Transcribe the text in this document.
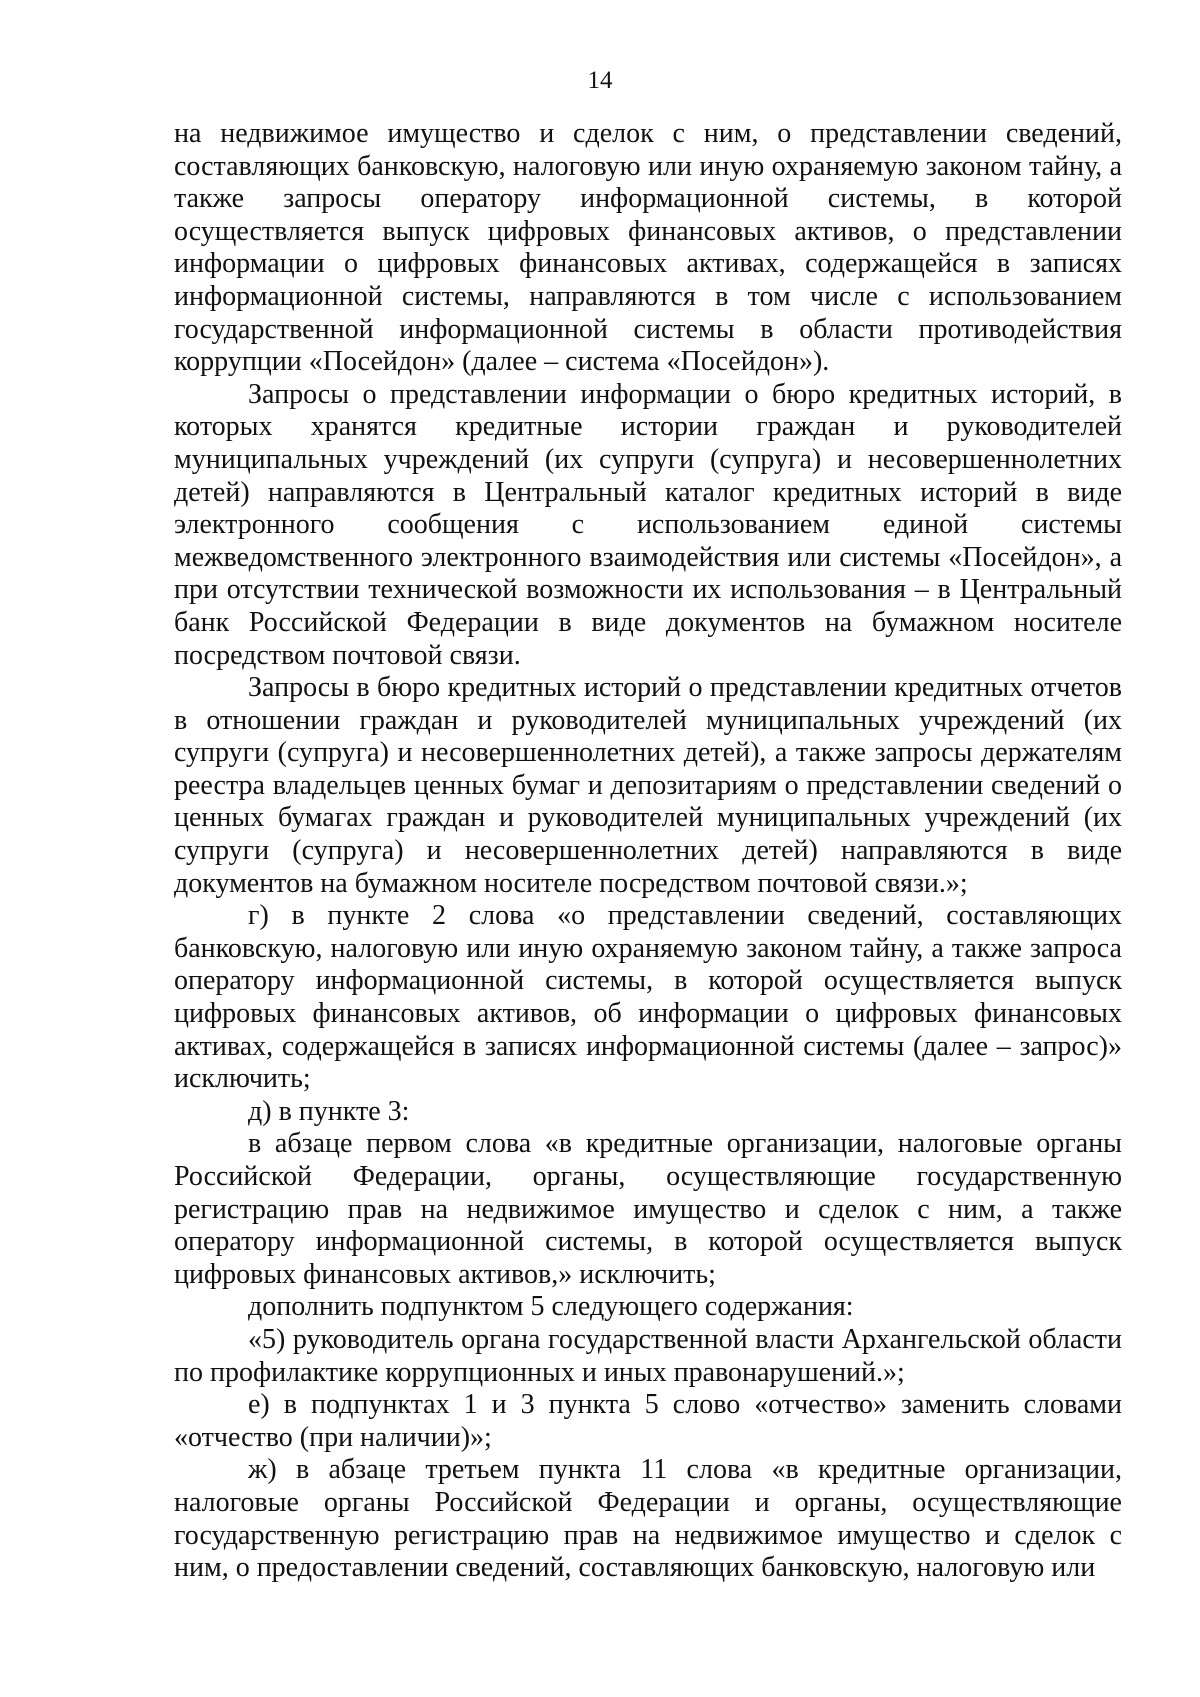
14

на недвижимое имущество и сделок с ним, о представлении сведений, составляющих банковскую, налоговую или иную охраняемую законом тайну, а также запросы оператору информационной системы, в которой осуществляется выпуск цифровых финансовых активов, о представлении информации о цифровых финансовых активах, содержащейся в записях информационной системы, направляются в том числе с использованием государственной информационной системы в области противодействия коррупции «Посейдон» (далее – система «Посейдон»).

Запросы о представлении информации о бюро кредитных историй, в которых хранятся кредитные истории граждан и руководителей муниципальных учреждений (их супруги (супруга) и несовершеннолетних детей) направляются в Центральный каталог кредитных историй в виде электронного сообщения с использованием единой системы межведомственного электронного взаимодействия или системы «Посейдон», а при отсутствии технической возможности их использования – в Центральный банк Российской Федерации в виде документов на бумажном носителе посредством почтовой связи.

Запросы в бюро кредитных историй о представлении кредитных отчетов в отношении граждан и руководителей муниципальных учреждений (их супруги (супруга) и несовершеннолетних детей), а также запросы держателям реестра владельцев ценных бумаг и депозитариям о представлении сведений о ценных бумагах граждан и руководителей муниципальных учреждений (их супруги (супруга) и несовершеннолетних детей) направляются в виде документов на бумажном носителе посредством почтовой связи.»;

г) в пункте 2 слова «о представлении сведений, составляющих банковскую, налоговую или иную охраняемую законом тайну, а также запроса оператору информационной системы, в которой осуществляется выпуск цифровых финансовых активов, об информации о цифровых финансовых активах, содержащейся в записях информационной системы (далее – запрос)» исключить;

д) в пункте 3:

в абзаце первом слова «в кредитные организации, налоговые органы Российской Федерации, органы, осуществляющие государственную регистрацию прав на недвижимое имущество и сделок с ним, а также оператору информационной системы, в которой осуществляется выпуск цифровых финансовых активов,» исключить;

дополнить подпунктом 5 следующего содержания:

«5) руководитель органа государственной власти Архангельской области по профилактике коррупционных и иных правонарушений.»;

е) в подпунктах 1 и 3 пункта 5 слово «отчество» заменить словами «отчество (при наличии)»;

ж) в абзаце третьем пункта 11 слова «в кредитные организации, налоговые органы Российской Федерации и органы, осуществляющие государственную регистрацию прав на недвижимое имущество и сделок с ним, о предоставлении сведений, составляющих банковскую, налоговую или
